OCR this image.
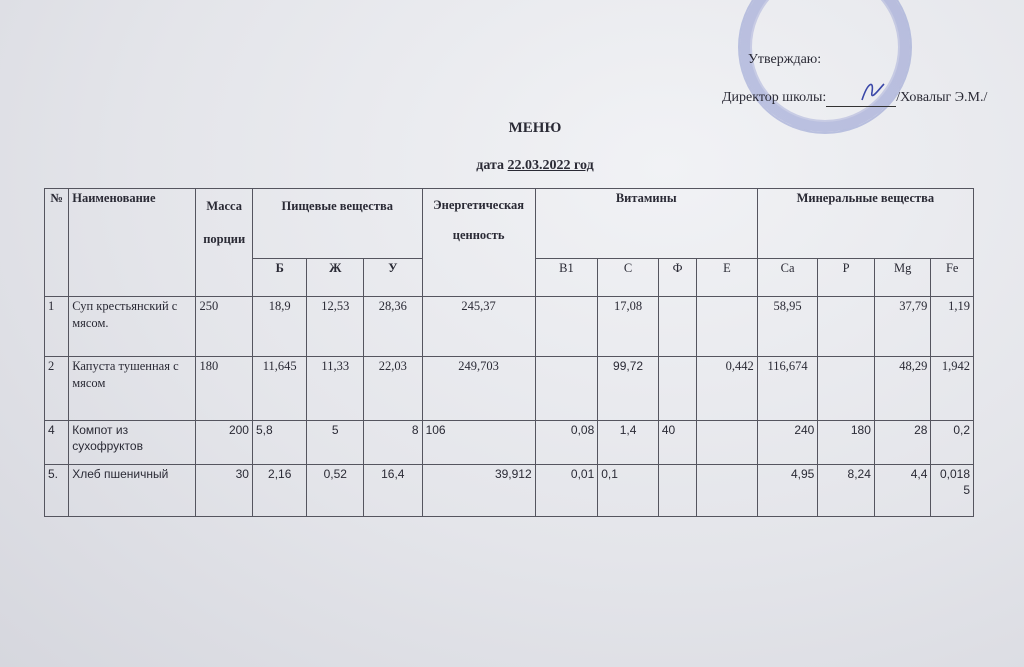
Утверждаю:
Директор школы:	/Ховалыг Э.М./
МЕНЮ
дата 22.03.2022 год
№	Наименование	Масса порции	Пищевые вещества			Энергетическая ценность	Витамины				Минеральные вещества			
			Б	Ж	У		В1	С	Ф	Е	Ca	P	Mg	Fe
1	Суп крестьянский с мясом.	250	18,9	12,53	28,36	245,37		17,08			58,95		37,79	1,19
2	Капуста тушенная с мясом	180	11,645	11,33	22,03	249,703		99,72		0,442	116,674		48,29	1,942
4	Компот из сухофруктов	200	5,8	5	8	106	0,08	1,4	40		240	180	28	0,2
5.	Хлеб пшеничный	30	2,16	0,52	16,4	39,912	0,01	0,1			4,95	8,24	4,4	0,0185
